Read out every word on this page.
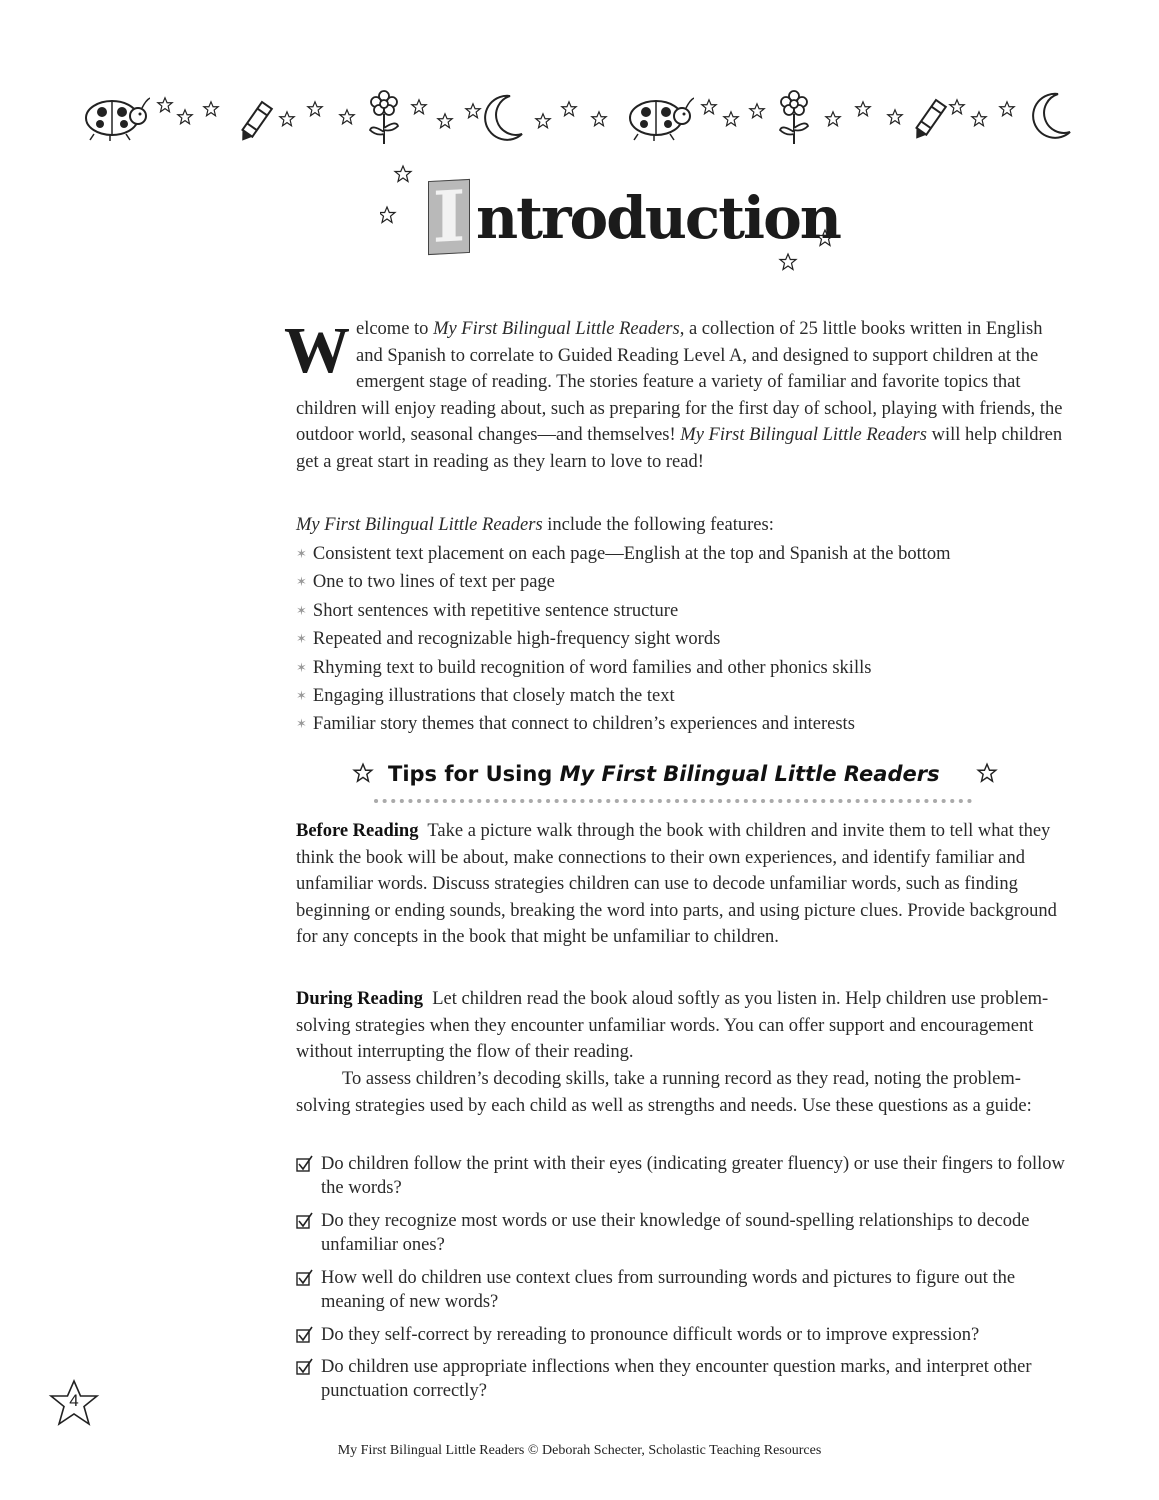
I ntroduction
Welcome to My First Bilingual Little Readers, a collection of 25 little books written in English and Spanish to correlate to Guided Reading Level A, and designed to support children at the emergent stage of reading. The stories feature a variety of familiar and favorite topics that children will enjoy reading about, such as preparing for the first day of school, playing with friends, the outdoor world, seasonal changes—and themselves! My First Bilingual Little Readers will help children get a great start in reading as they learn to love to read!
My First Bilingual Little Readers include the following features:
✶ Consistent text placement on each page—English at the top and Spanish at the bottom
✶ One to two lines of text per page
✶ Short sentences with repetitive sentence structure
✶ Repeated and recognizable high-frequency sight words
✶ Rhyming text to build recognition of word families and other phonics skills
✶ Engaging illustrations that closely match the text
✶ Familiar story themes that connect to children’s experiences and interests
Tips for Using My First Bilingual Little Readers
Before Reading Take a picture walk through the book with children and invite them to tell what they think the book will be about, make connections to their own experiences, and identify familiar and unfamiliar words. Discuss strategies children can use to decode unfamiliar words, such as finding beginning or ending sounds, breaking the word into parts, and using picture clues. Provide background for any concepts in the book that might be unfamiliar to children.
During Reading Let children read the book aloud softly as you listen in. Help children use problem-solving strategies when they encounter unfamiliar words. You can offer support and encouragement without interrupting the flow of their reading.
To assess children’s decoding skills, take a running record as they read, noting the problem-solving strategies used by each child as well as strengths and needs. Use these questions as a guide:
Do children follow the print with their eyes (indicating greater fluency) or use their fingers to follow the words?
Do they recognize most words or use their knowledge of sound-spelling relationships to decode unfamiliar ones?
How well do children use context clues from surrounding words and pictures to figure out the meaning of new words?
Do they self-correct by rereading to pronounce difficult words or to improve expression?
Do children use appropriate inflections when they encounter question marks, and interpret other punctuation correctly?
4
My First Bilingual Little Readers © Deborah Schecter, Scholastic Teaching Resources
